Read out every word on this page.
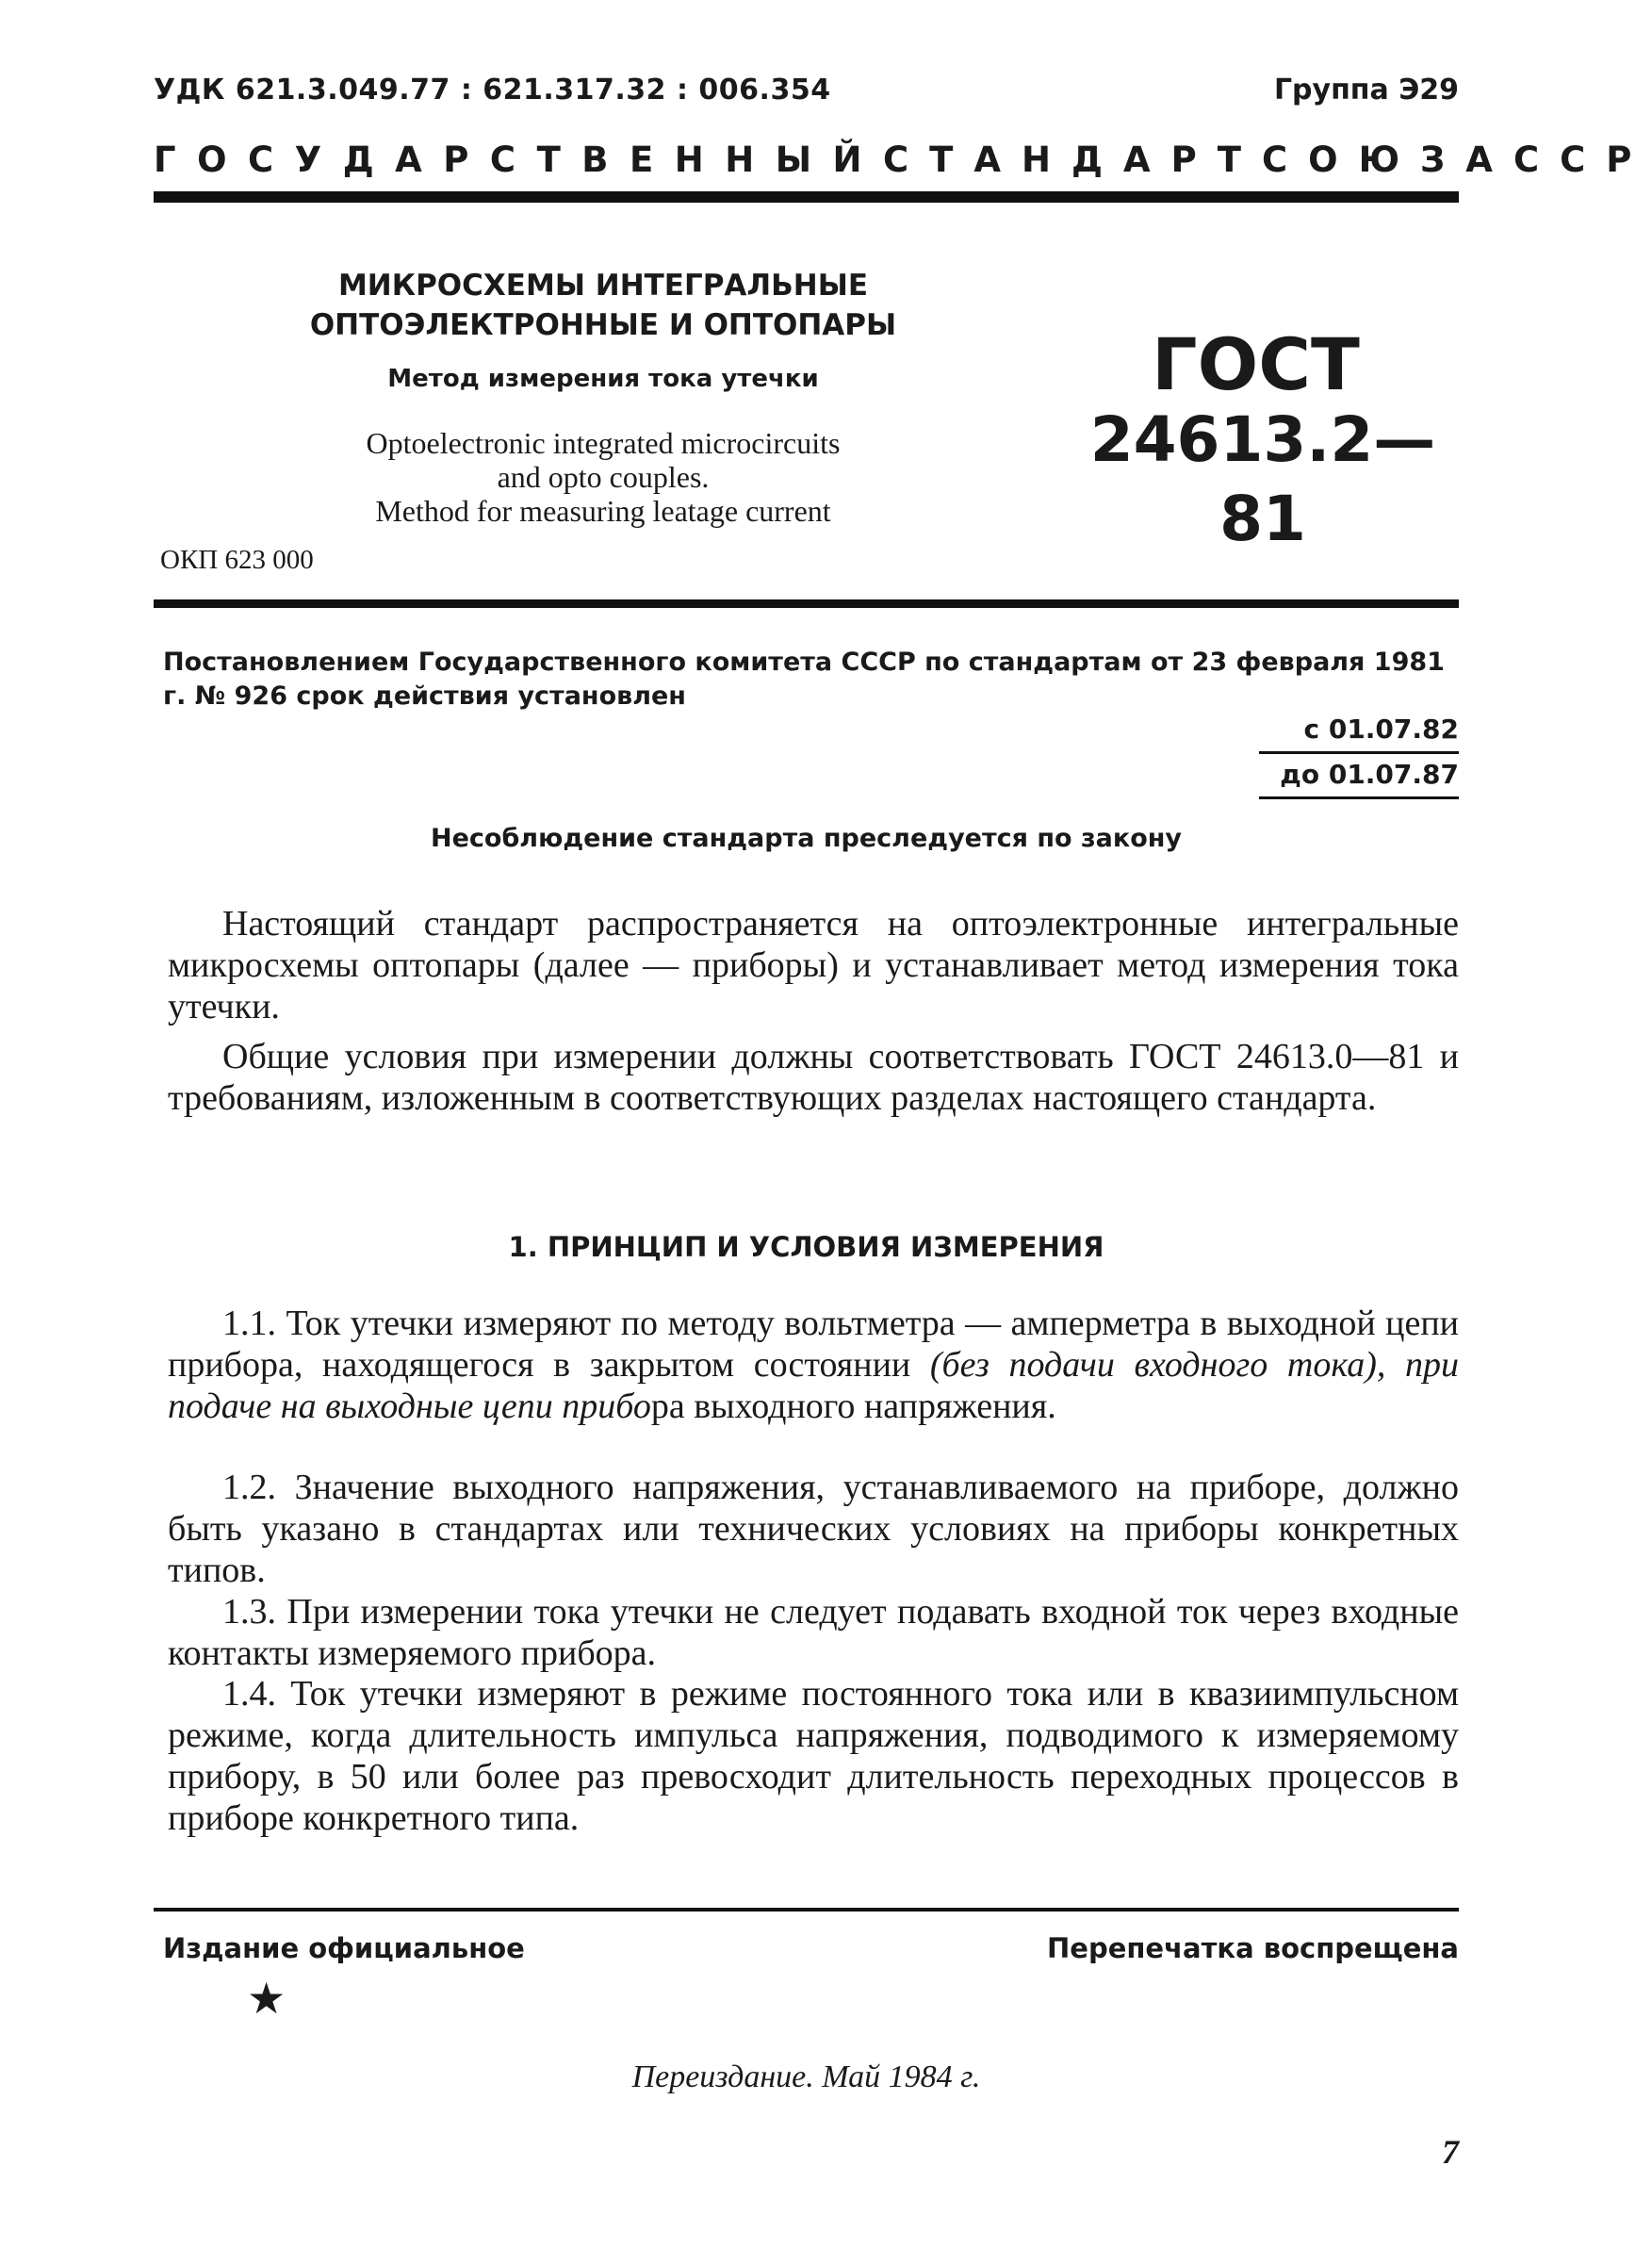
УДК 621.3.049.77 : 621.317.32 : 006.354	Группа Э29
ГОСУДАРСТВЕННЫЙ СТАНДАРТ СОЮЗА ССР
МИКРОСХЕМЫ ИНТЕГРАЛЬНЫЕ
ОПТОЭЛЕКТРОННЫЕ И ОПТОПАРЫ
Метод измерения тока утечки
Optoelectronic integrated microcircuits
and opto couples.
Method for measuring leatage current
ОКП 623 000
ГОСТ
24613.2—81
Постановлением Государственного комитета СССР по стандартам от 23 февраля 1981 г. № 926 срок действия установлен
с 01.07.82
до 01.07.87
Несоблюдение стандарта преследуется по закону
Настоящий стандарт распространяется на оптоэлектронные интегральные микросхемы оптопары (далее — приборы) и устанавливает метод измерения тока утечки.
Общие условия при измерении должны соответствовать ГОСТ 24613.0—81 и требованиям, изложенным в соответствующих разделах настоящего стандарта.
1. ПРИНЦИП И УСЛОВИЯ ИЗМЕРЕНИЯ
1.1. Ток утечки измеряют по методу вольтметра — амперметра в выходной цепи прибора, находящегося в закрытом состоянии (без подачи входного тока), при подаче на выходные цепи прибора выходного напряжения.
1.2. Значение выходного напряжения, устанавливаемого на приборе, должно быть указано в стандартах или технических условиях на приборы конкретных типов.
1.3. При измерении тока утечки не следует подавать входной ток через входные контакты измеряемого прибора.
1.4. Ток утечки измеряют в режиме постоянного тока или в квазиимпульсном режиме, когда длительность импульса напряжения, подводимого к измеряемому прибору, в 50 или более раз превосходит длительность переходных процессов в приборе конкретного типа.
Издание официальное	Перепечатка воспрещена
★
Переиздание. Май 1984 г.
7
